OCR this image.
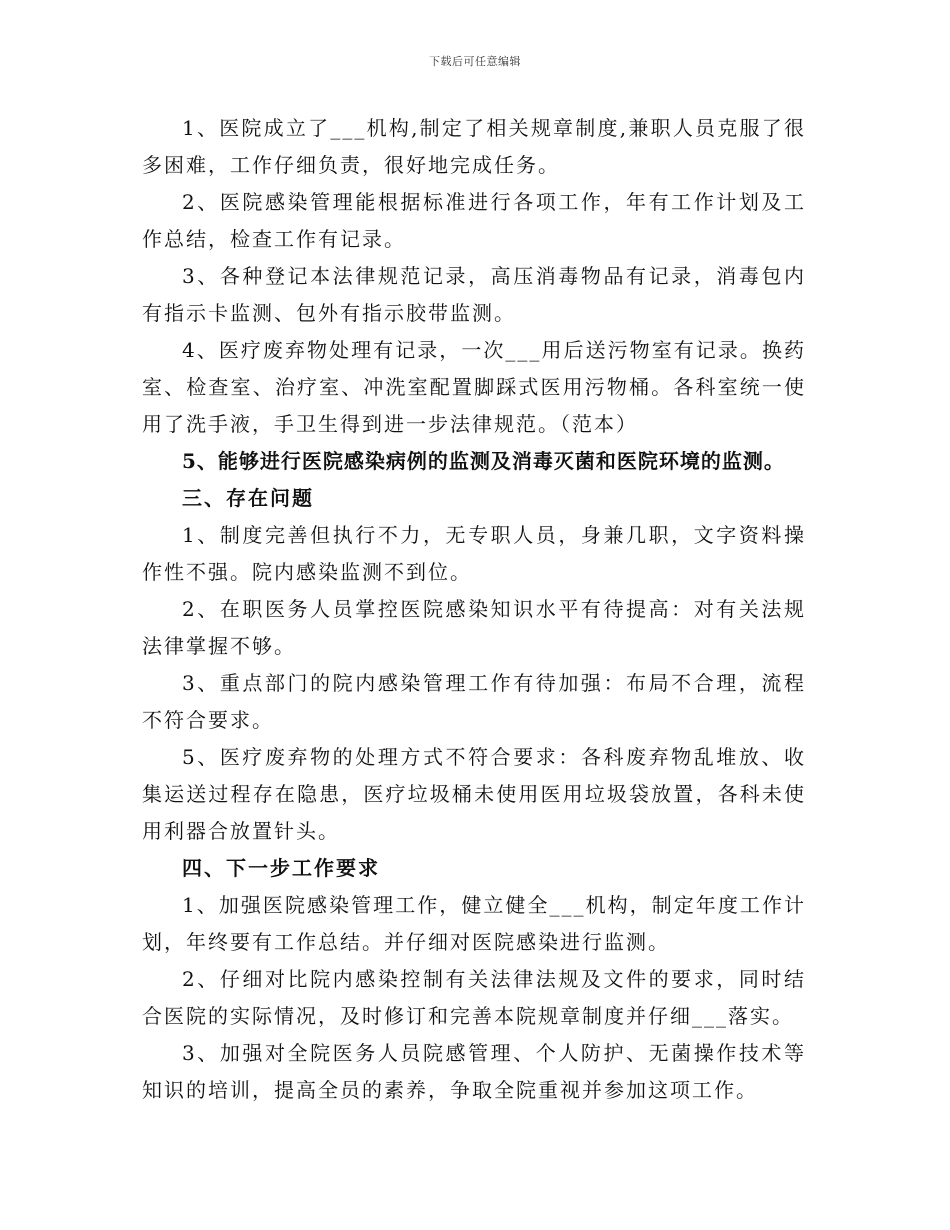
下载后可任意编辑

1、医院成立了___机构,制定了相关规章制度,兼职人员克服了很多困难，工作仔细负责，很好地完成任务。

2、医院感染管理能根据标准进行各项工作，年有工作计划及工作总结，检查工作有记录。

3、各种登记本法律规范记录，高压消毒物品有记录，消毒包内有指示卡监测、包外有指示胶带监测。

4、医疗废弃物处理有记录，一次___用后送污物室有记录。换药室、检查室、治疗室、冲洗室配置脚踩式医用污物桶。各科室统一使用了洗手液，手卫生得到进一步法律规范。（范本）

5、能够进行医院感染病例的监测及消毒灭菌和医院环境的监测。

三、存在问题

1、制度完善但执行不力，无专职人员，身兼几职，文字资料操作性不强。院内感染监测不到位。

2、在职医务人员掌控医院感染知识水平有待提高：对有关法规法律掌握不够。

3、重点部门的院内感染管理工作有待加强：布局不合理，流程不符合要求。

5、医疗废弃物的处理方式不符合要求：各科废弃物乱堆放、收集运送过程存在隐患，医疗垃圾桶未使用医用垃圾袋放置，各科未使用利器合放置针头。

四、下一步工作要求

1、加强医院感染管理工作，健立健全___机构，制定年度工作计划，年终要有工作总结。并仔细对医院感染进行监测。

2、仔细对比院内感染控制有关法律法规及文件的要求，同时结合医院的实际情况，及时修订和完善本院规章制度并仔细___落实。

3、加强对全院医务人员院感管理、个人防护、无菌操作技术等知识的培训，提高全员的素养，争取全院重视并参加这项工作。
